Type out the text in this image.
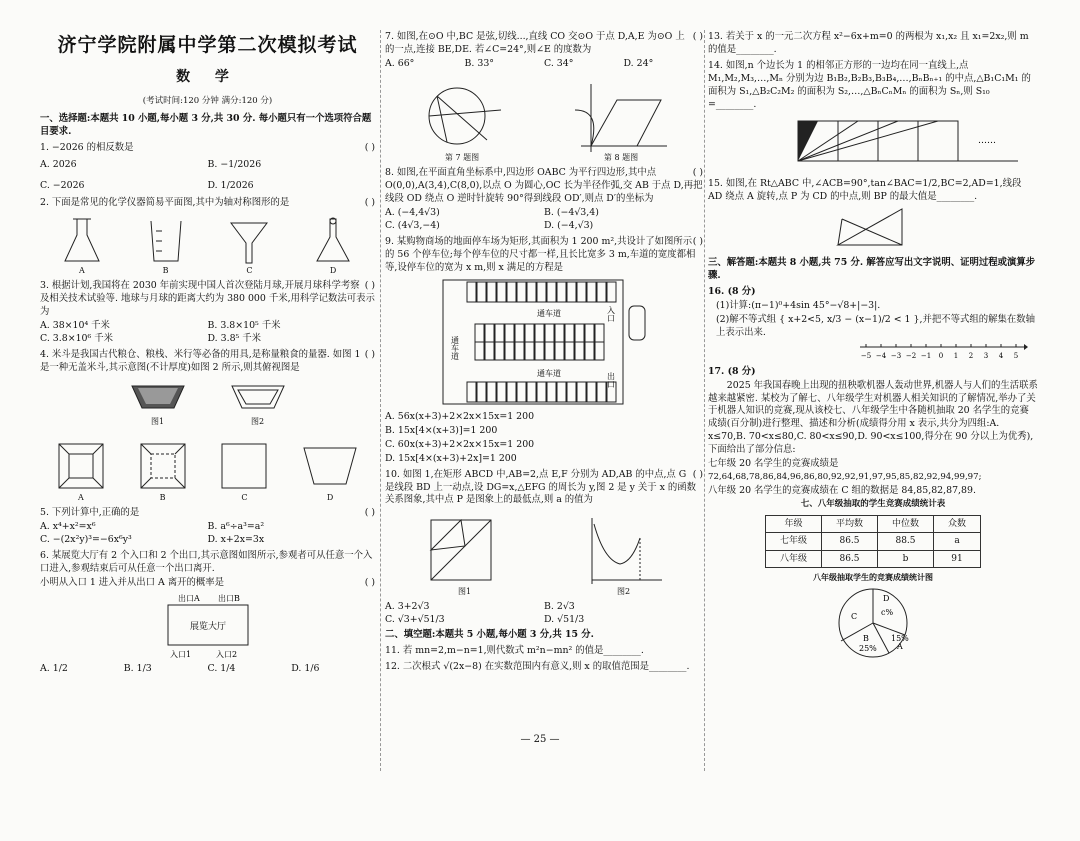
济宁学院附属中学第二次模拟考试
数 学
(考试时间:120 分钟 满分:120 分)
一、选择题:本题共 10 小题,每小题 3 分,共 30 分. 每小题只有一个选项符合题目要求.
( )
1. −2026 的相反数是
A. 2026	B. −1/2026
C. −2026	D. 1/2026
( )
2. 下面是常见的化学仪器简易平面图,其中为轴对称图形的是
A	B	C	D
( )
3. 根据计划,我国将在 2030 年前实现中国人首次登陆月球,开展月球科学考察及相关技术试验等. 地球与月球的距离大约为 380 000 千米,用科学记数法可表示为
A. 38×10⁴ 千米	B. 3.8×10⁵ 千米
C. 3.8×10⁶ 千米	D. 3.8⁵ 千米
( )
4. 米斗是我国古代粮仓、粮栈、米行等必备的用具,是称量粮食的量器. 如图 1 是一种无盖米斗,其示意图(不计厚度)如图 2 所示,则其俯视图是
图1	图2
A	B	C	D
( )
5. 下列计算中,正确的是
A. x⁴+x²=x⁶	B. a⁶÷a³=a²
C. −(2x²y)³=−6x⁶y³	D. x+2x=3x
6. 某展览大厅有 2 个入口和 2 个出口,其示意图如图所示,参观者可从任意一个入口进入,参观结束后可从任意一个出口离开.
( )
小明从入口 1 进入并从出口 A 离开的概率是
出口A 出口B
展览大厅
入口1	入口2
A. 1/2	B. 1/3	C. 1/4	D. 1/6
( )
7. 如图,在⊙O 中,BC 是弦,切线...,直线 CO 交⊙O 于点 D,A,E 为⊙O 上的一点,连接 BE,DE. 若∠C=24°,则∠E 的度数为
A. 66°	B. 33°	C. 34°	D. 24°
第 7 题图	第 8 题图
( )
8. 如图,在平面直角坐标系中,四边形 OABC 为平行四边形,其中点 O(0,0),A(3,4),C(8,0),以点 O 为圆心,OC 长为半径作弧,交 AB 于点 D,再把线段 OD 绕点 O 逆时针旋转 90°得到线段 OD′,则点 D′的坐标为
A. (−4,4√3)	B. (−4√3,4)
C. (4√3,−4)	D. (−4,√3)
( )
9. 某购物商场的地面停车场为矩形,其面积为 1 200 m²,共设计了如图所示的 56 个停车位;每个停车位的尺寸都一样,且长比宽多 3 m,车道的宽度都相等,设停车位的宽为 x m,则 x 满足的方程是
通车道
通车道
通车道
入口
出口
A. 56x(x+3)+2×2x×15x=1 200
B. 15x[4×(x+3)]=1 200
C. 60x(x+3)+2×2x×15x=1 200
D. 15x[4×(x+3)+2x]=1 200
( )
10. 如图 1,在矩形 ABCD 中,AB=2,点 E,F 分别为 AD,AB 的中点,点 G 是线段 BD 上一动点,设 DG=x,△EFG 的周长为 y,图 2 是 y 关于 x 的函数关系图象,其中点 P 是图象上的最低点,则 a 的值为
图1	图2
A. 3+2√3	B. 2√3
C. √3+√51/3	D. √51/3
二、填空题:本题共 5 小题,每小题 3 分,共 15 分.
11. 若 mn=2,m−n=1,则代数式 m²n−mn² 的值是________.
12. 二次根式 √(2x−8) 在实数范围内有意义,则 x 的取值范围是________.
13. 若关于 x 的一元二次方程 x²−6x+m=0 的两根为 x₁,x₂ 且 x₁=2x₂,则 m 的值是________.
14. 如图,n 个边长为 1 的相邻正方形的一边均在同一直线上,点 M₁,M₂,M₃,…,Mₙ 分别为边 B₁B₂,B₂B₃,B₃B₄,…,BₙBₙ₊₁ 的中点,△B₁C₁M₁ 的面积为 S₁,△B₂C₂M₂ 的面积为 S₂,…,△BₙCₙMₙ 的面积为 Sₙ,则 S₁₀ =________.
……
15. 如图,在 Rt△ABC 中,∠ACB=90°,tan∠BAC=1/2,BC=2,AD=1,线段 AD 绕点 A 旋转,点 P 为 CD 的中点,则 BP 的最大值是________.
三、解答题:本题共 8 小题,共 75 分. 解答应写出文字说明、证明过程或演算步骤.
16. (8 分)
(1)计算:(π−1)⁰+4sin 45°−√8+|−3|.
(2)解不等式组 { x+2<5, x/3 − (x−1)/2 < 1 },并把不等式组的解集在数轴上表示出来.
−5 −4 −3 −2 −1 0 1 2 3 4 5
17. (8 分)
2025 年我国春晚上出现的扭秧歌机器人轰动世界,机器人与人们的生活联系越来越紧密. 某校为了解七、八年级学生对机器人相关知识的了解情况,举办了关于机器人知识的竞赛,现从该校七、八年级学生中各随机抽取 20 名学生的竞赛成绩(百分制)进行整理、描述和分析(成绩得分用 x 表示,共分为四组:A. x≤70,B. 70<x≤80,C. 80<x≤90,D. 90<x≤100,得分在 90 分以上为优秀),下面给出了部分信息:
七年级 20 名学生的竞赛成绩是
72,64,68,78,86,84,96,86,80,92,92,91,97,95,85,82,92,94,99,97;
八年级 20 名学生的竞赛成绩在 C 组的数据是 84,85,82,87,89.
七、八年级抽取的学生竞赛成绩统计表
年级	平均数	中位数	众数
七年级	86.5	88.5	a
八年级	86.5	b	91
八年级抽取学生的竞赛成绩统计图
D
c%
C
15%
A
B
25%
— 25 —
